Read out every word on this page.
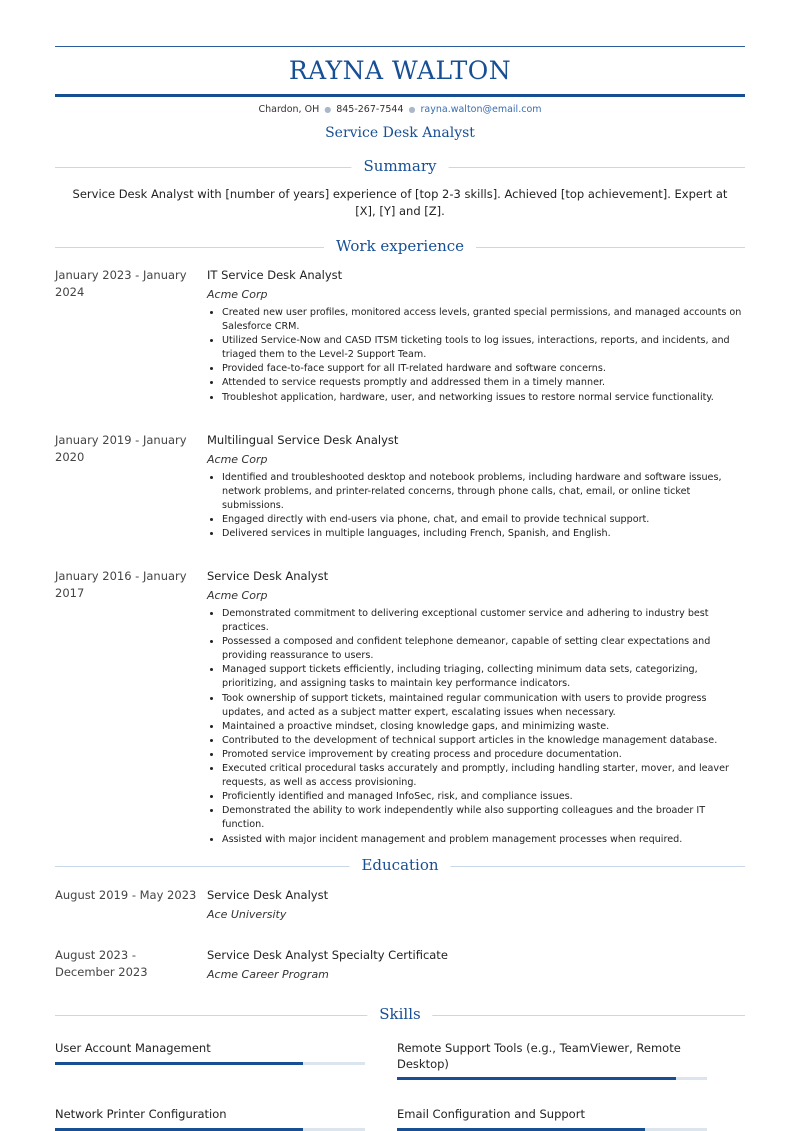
RAYNA WALTON
Chardon, OH ● 845-267-7544 ● rayna.walton@email.com
Service Desk Analyst
Summary
Service Desk Analyst with [number of years] experience of [top 2-3 skills]. Achieved [top achievement]. Expert at [X], [Y] and [Z].
Work experience
January 2023 - January 2024
IT Service Desk Analyst
Acme Corp
• Created new user profiles, monitored access levels, granted special permissions, and managed accounts on Salesforce CRM.
• Utilized Service-Now and CASD ITSM ticketing tools to log issues, interactions, reports, and incidents, and triaged them to the Level-2 Support Team.
• Provided face-to-face support for all IT-related hardware and software concerns.
• Attended to service requests promptly and addressed them in a timely manner.
• Troubleshot application, hardware, user, and networking issues to restore normal service functionality.
January 2019 - January 2020
Multilingual Service Desk Analyst
Acme Corp
• Identified and troubleshooted desktop and notebook problems, including hardware and software issues, network problems, and printer-related concerns, through phone calls, chat, email, or online ticket submissions.
• Engaged directly with end-users via phone, chat, and email to provide technical support.
• Delivered services in multiple languages, including French, Spanish, and English.
January 2016 - January 2017
Service Desk Analyst
Acme Corp
• Demonstrated commitment to delivering exceptional customer service and adhering to industry best practices.
• Possessed a composed and confident telephone demeanor, capable of setting clear expectations and providing reassurance to users.
• Managed support tickets efficiently, including triaging, collecting minimum data sets, categorizing, prioritizing, and assigning tasks to maintain key performance indicators.
• Took ownership of support tickets, maintained regular communication with users to provide progress updates, and acted as a subject matter expert, escalating issues when necessary.
• Maintained a proactive mindset, closing knowledge gaps, and minimizing waste.
• Contributed to the development of technical support articles in the knowledge management database.
• Promoted service improvement by creating process and procedure documentation.
• Executed critical procedural tasks accurately and promptly, including handling starter, mover, and leaver requests, as well as access provisioning.
• Proficiently identified and managed InfoSec, risk, and compliance issues.
• Demonstrated the ability to work independently while also supporting colleagues and the broader IT function.
• Assisted with major incident management and problem management processes when required.
Education
August 2019 - May 2023 Service Desk Analyst
Ace University
August 2023 - December 2023
Service Desk Analyst Specialty Certificate
Acme Career Program
Skills
User Account Management	Remote Support Tools (e.g., TeamViewer, Remote Desktop)
Network Printer Configuration	Email Configuration and Support
